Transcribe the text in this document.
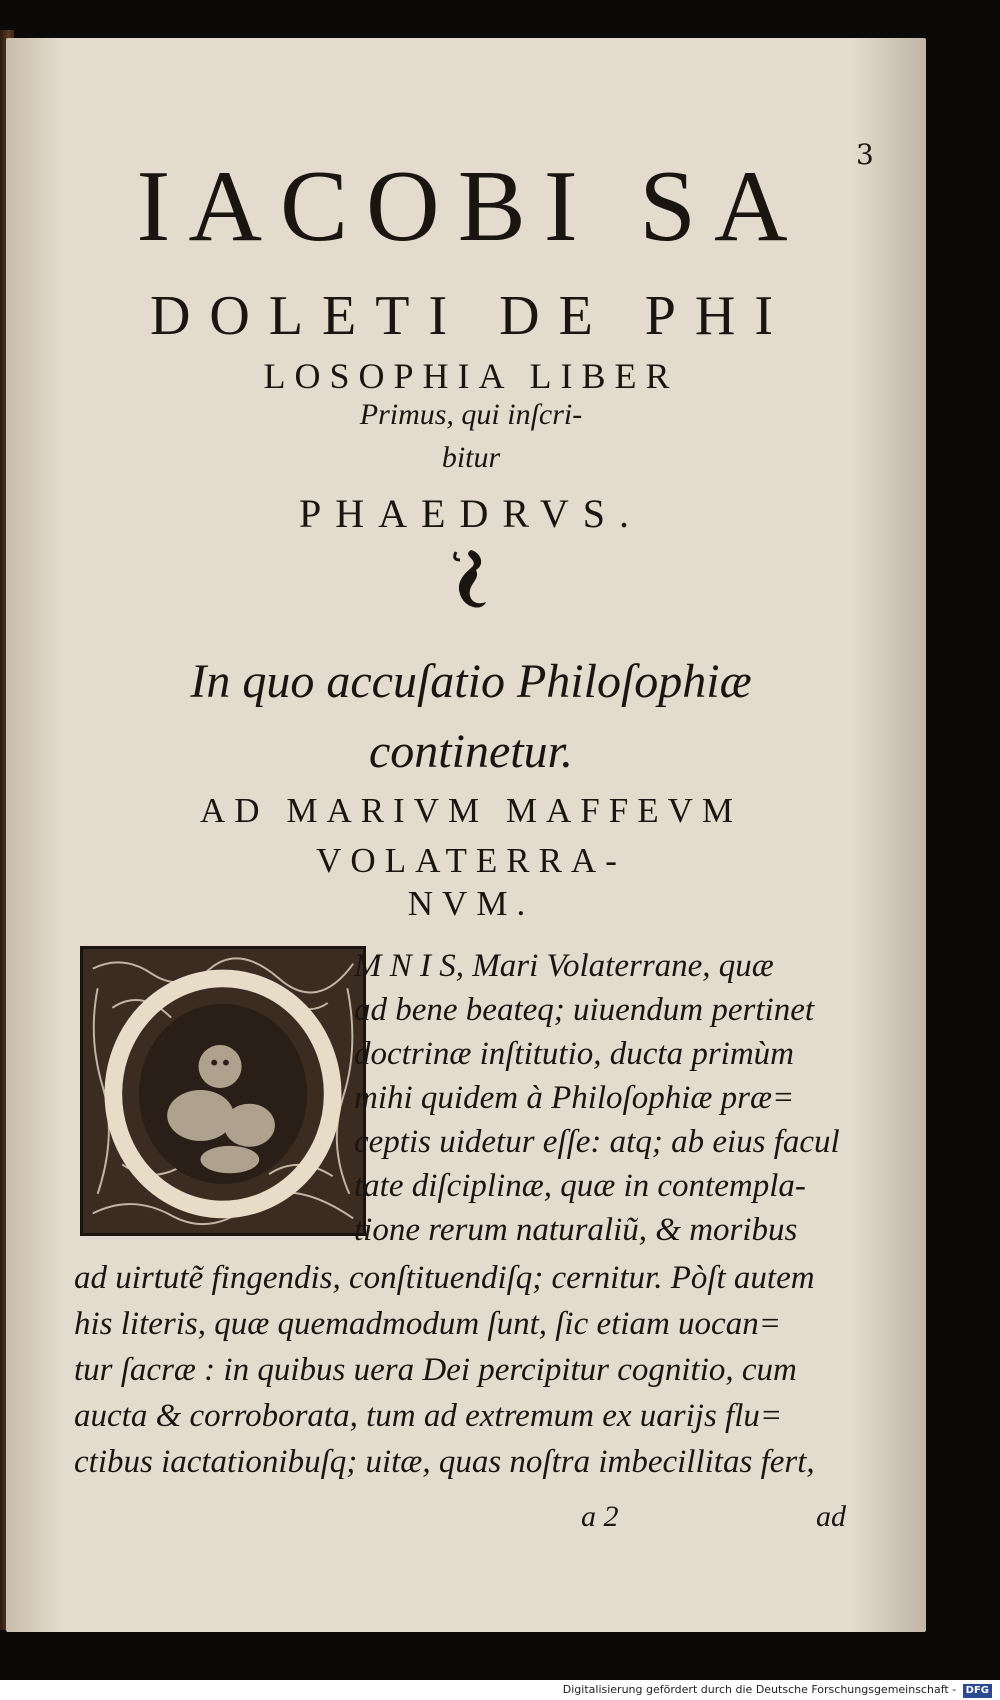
3
IACOBI SA
DOLETI DE PHI
LOSOPHIA LIBER
Primus, qui inſcri-
bitur
PHAEDRVS.
In quo accuſatio Philoſophiæ
continetur.
AD MARIVM MAFFEVM
VOLATERRA-
NVM.
M N I S, Mari Volaterrane, quæ
ad bene beateq; uiuendum pertinet
doctrinæ inſtitutio, ducta primùm
mihi quidem à Philoſophiæ præ=
ceptis uidetur eſſe: atq; ab eius facul
tate diſciplinæ, quæ in contempla-
tione rerum naturaliũ, & moribus
ad uirtutẽ fingendis, conſtituendiſq; cernitur. Pòſt autem
his literis, quæ quemadmodum ſunt, ſic etiam uocan=
tur ſacræ : in quibus uera Dei percipitur cognitio, cum
aucta & corroborata, tum ad extremum ex uarijs flu=
ctibus iactationibuſq; uitæ, quas noſtra imbecillitas fert,
a 2	ad
Digitalisierung gefördert durch die Deutsche Forschungsgemeinschaft - DFG
